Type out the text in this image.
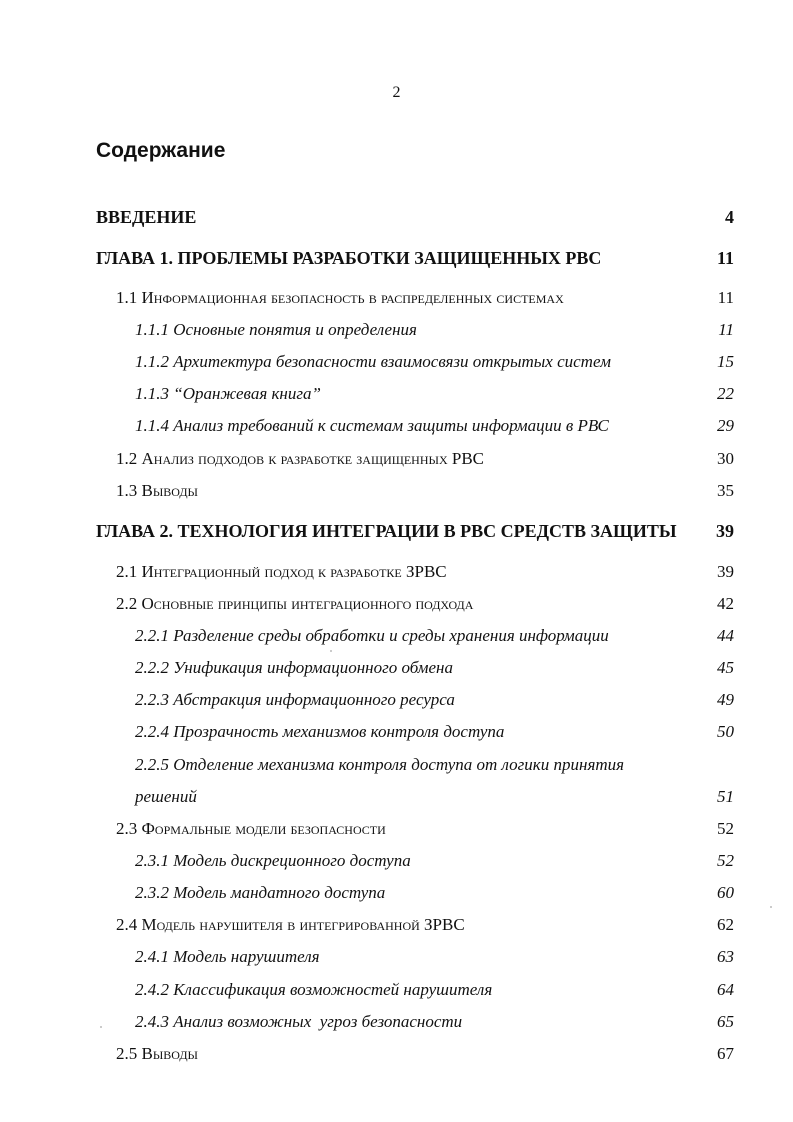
2
Содержание
ВВЕДЕНИЕ	4
ГЛАВА 1. ПРОБЛЕМЫ РАЗРАБОТКИ ЗАЩИЩЕННЫХ РВС	11
1.1 Информационная безопасность в распределенных системах	11
1.1.1 Основные понятия и определения	11
1.1.2 Архитектура безопасности взаимосвязи открытых систем	15
1.1.3 “Оранжевая книга”	22
1.1.4 Анализ требований к системам защиты информации в РВС	29
1.2 Анализ подходов к разработке защищенных РВС	30
1.3 Выводы	35
ГЛАВА 2. ТЕХНОЛОГИЯ ИНТЕГРАЦИИ В РВС СРЕДСТВ ЗАЩИТЫ	39
2.1 Интеграционный подход к разработке ЗРВС	39
2.2 Основные принципы интеграционного подхода	42
2.2.1 Разделение среды обработки и среды хранения информации	44
2.2.2 Унификация информационного обмена	45
2.2.3 Абстракция информационного ресурса	49
2.2.4 Прозрачность механизмов контроля доступа	50
2.2.5 Отделение механизма контроля доступа от логики принятия
решений	51
2.3 Формальные модели безопасности	52
2.3.1 Модель дискреционного доступа	52
2.3.2 Модель мандатного доступа	60
2.4 Модель нарушителя в интегрированной ЗРВС	62
2.4.1 Модель нарушителя	63
2.4.2 Классификация возможностей нарушителя	64
2.4.3 Анализ возможных  угроз безопасности	65
2.5 Выводы	67
